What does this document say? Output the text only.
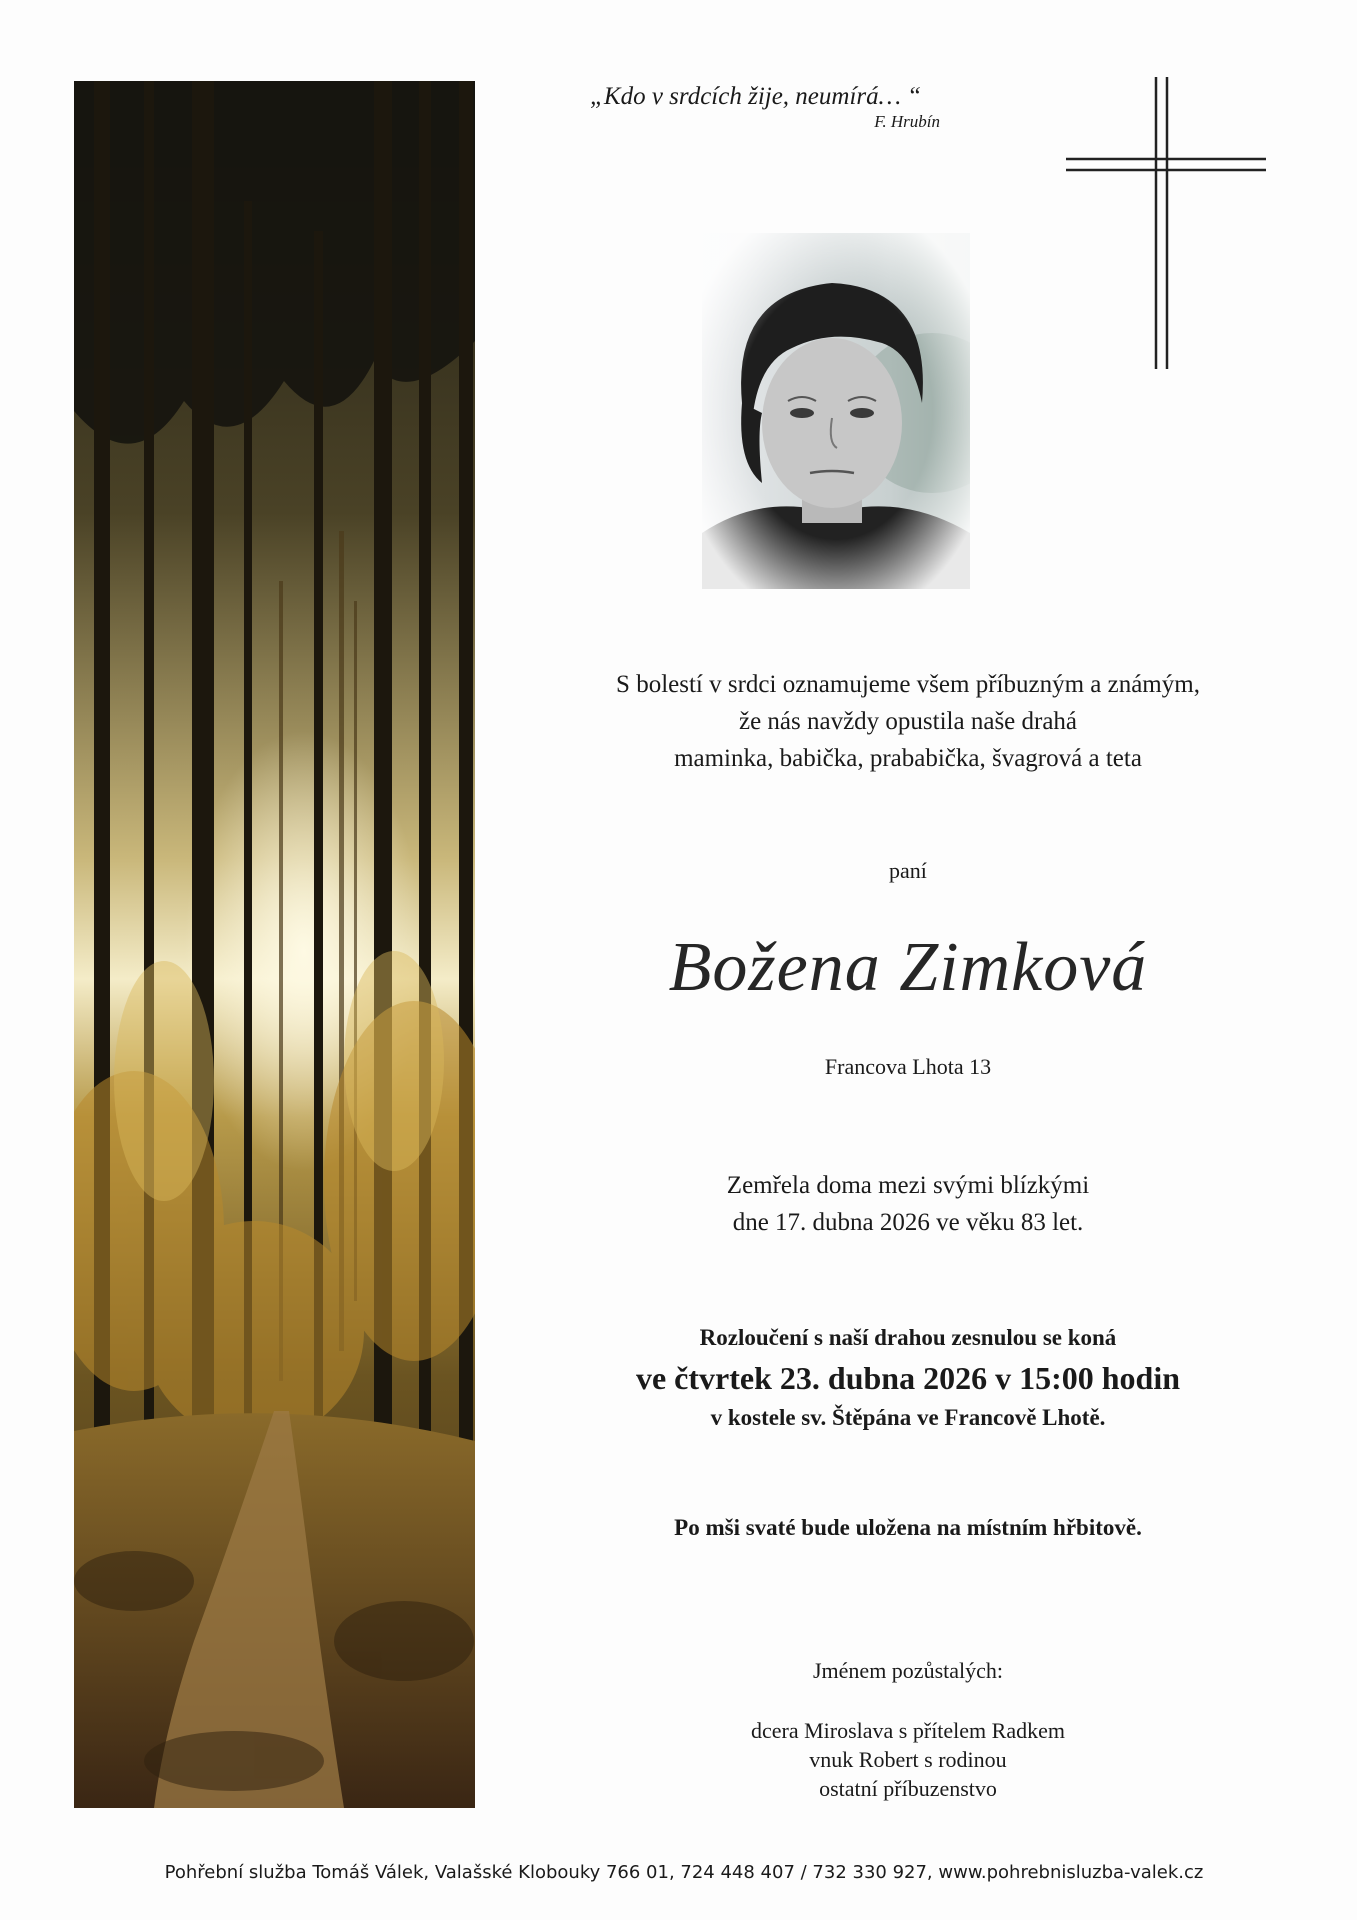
„Kdo v srdcích žije, neumírá… “
F. Hrubín
S bolestí v srdci oznamujeme všem příbuzným a známým,
že nás navždy opustila naše drahá
maminka, babička, prababička, švagrová a teta
paní
Božena Zimková
Francova Lhota 13
Zemřela doma mezi svými blízkými
dne 17. dubna 2026 ve věku 83 let.
Rozloučení s naší drahou zesnulou se koná
ve čtvrtek 23. dubna 2026 v 15:00 hodin
v kostele sv. Štěpána ve Francově Lhotě.
Po mši svaté bude uložena na místním hřbitově.
Jménem pozůstalých:
dcera Miroslava s přítelem Radkem
vnuk Robert s rodinou
ostatní příbuzenstvo
Pohřební služba Tomáš Válek, Valašské Klobouky 766 01, 724 448 407 / 732 330 927, www.pohrebnisluzba-valek.cz
